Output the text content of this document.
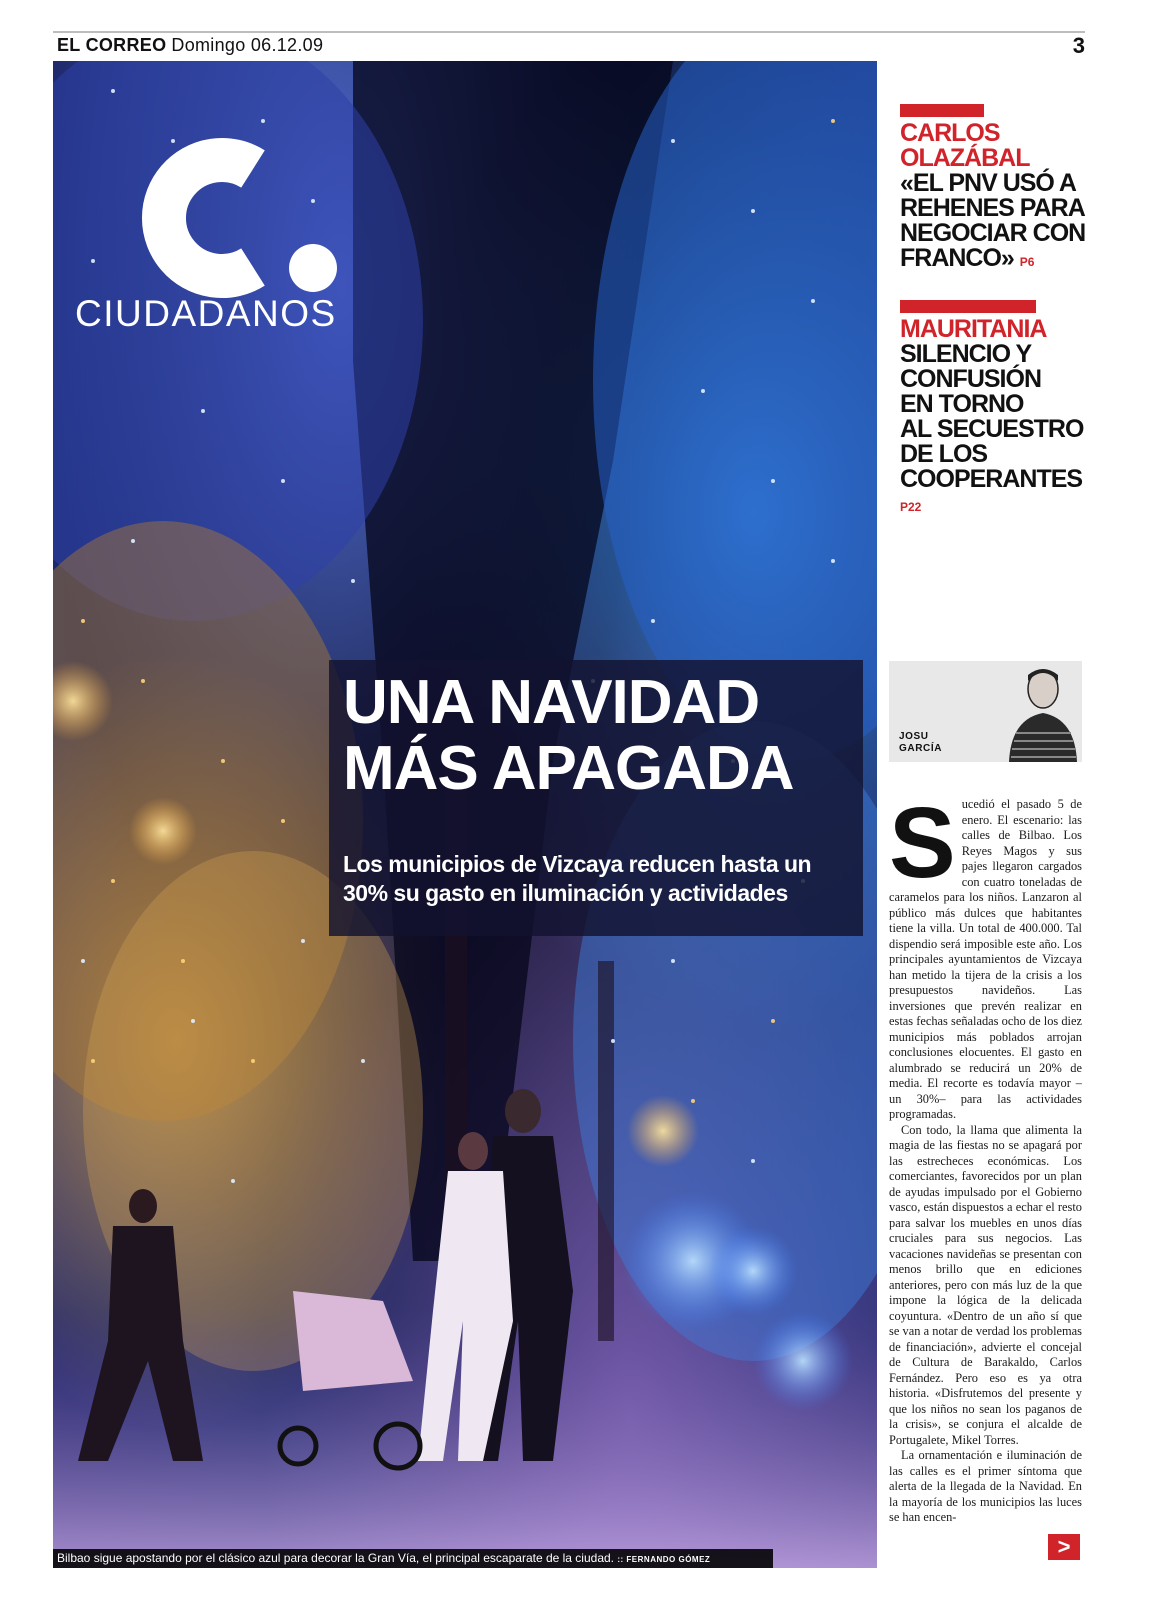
EL CORREO Domingo 06.12.09	3
CIUDADANOS
UNA NAVIDAD
MÁS APAGADA

Los municipios de Vizcaya reducen hasta un 30% su gasto en iluminación y actividades

Bilbao sigue apostando por el clásico azul para decorar la Gran Vía, el principal escaparate de la ciudad. :: FERNANDO GÓMEZ
CARLOS
OLAZÁBAL
«EL PNV USÓ A
REHENES PARA
NEGOCIAR CON
FRANCO» P6
MAURITANIA
SILENCIO Y
CONFUSIÓN
EN TORNO
AL SECUESTRO
DE LOS
COOPERANTES
P22
JOSU
GARCÍA
S ucedió el pasado 5 de enero. El escenario: las calles de Bilbao. Los Reyes Magos y sus pajes llegaron cargados con cuatro toneladas de caramelos para los niños. Lanzaron al público más dulces que habitantes tiene la villa. Un total de 400.000. Tal dispendio será imposible este año. Los principales ayuntamientos de Vizcaya han metido la tijera de la crisis a los presupuestos navideños. Las inversiones que prevén realizar en estas fechas señaladas ocho de los diez municipios más poblados arrojan conclusiones elocuentes. El gasto en alumbrado se reducirá un 20% de media. El recorte es todavía mayor –un 30%– para las actividades programadas.

Con todo, la llama que alimenta la magia de las fiestas no se apagará por las estrecheces económicas. Los comerciantes, favorecidos por un plan de ayudas impulsado por el Gobierno vasco, están dispuestos a echar el resto para salvar los muebles en unos días cruciales para sus negocios. Las vacaciones navideñas se presentan con menos brillo que en ediciones anteriores, pero con más luz de la que impone la lógica de la delicada coyuntura. «Dentro de un año sí que se van a notar de verdad los problemas de financiación», advierte el concejal de Cultura de Barakaldo, Carlos Fernández. Pero eso es ya otra historia. «Disfrutemos del presente y que los niños no sean los paganos de la crisis», se conjura el alcalde de Portugalete, Mikel Torres.

La ornamentación e iluminación de las calles es el primer síntoma que alerta de la llegada de la Navidad. En la mayoría de los municipios las luces se han encen-

>
